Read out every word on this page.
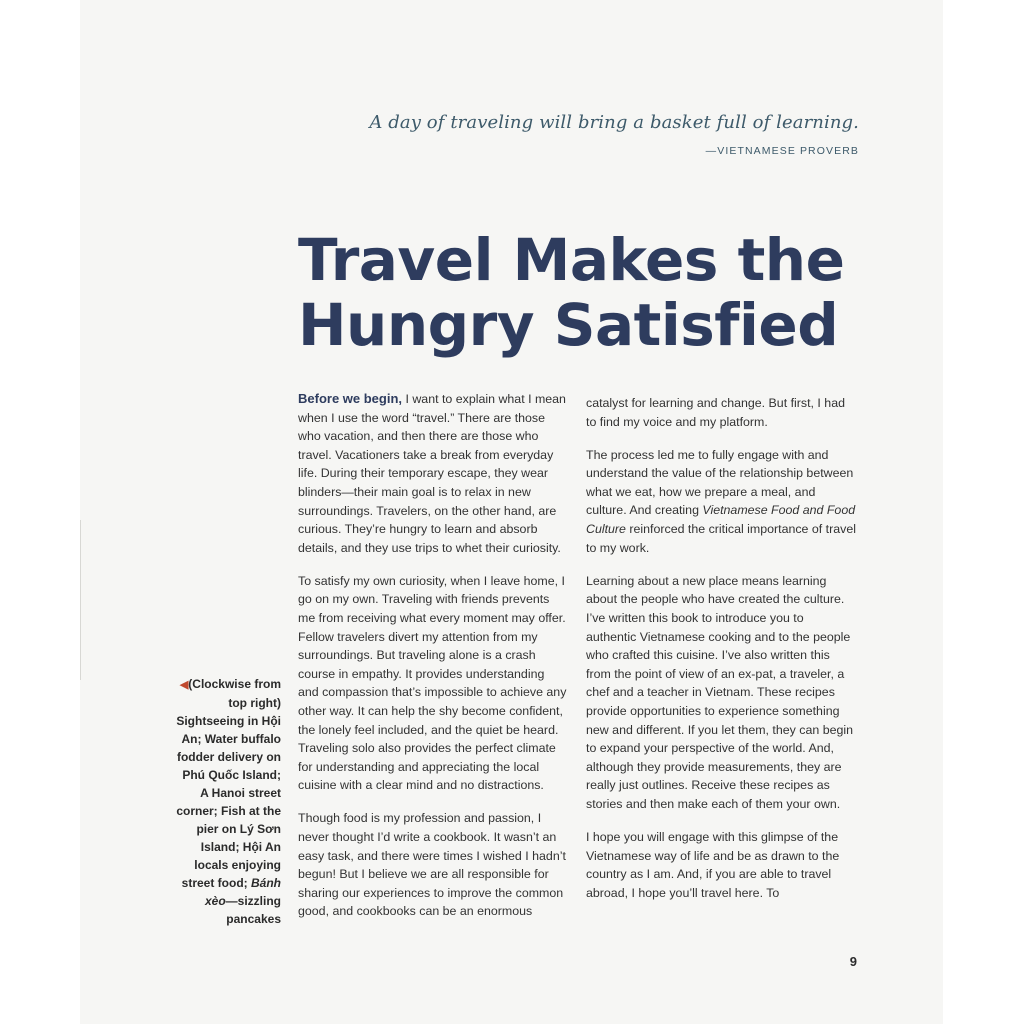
A day of traveling will bring a basket full of learning.
—VIETNAMESE PROVERB
Travel Makes the
Hungry Satisfied
◀(Clockwise from top right) Sightseeing in Hội An; Water buffalo fodder delivery on Phú Quốc Island; A Hanoi street corner; Fish at the pier on Lý Sơn Island; Hội An locals enjoying street food; Bánh xèo—sizzling pancakes

Before we begin, I want to explain what I mean when I use the word “travel.” There are those who vacation, and then there are those who travel. Vacationers take a break from everyday life. During their temporary escape, they wear blinders—their main goal is to relax in new surroundings. Travelers, on the other hand, are curious. They’re hungry to learn and absorb details, and they use trips to whet their curiosity.

To satisfy my own curiosity, when I leave home, I go on my own. Traveling with friends prevents me from receiving what every moment may offer. Fellow travelers divert my attention from my surroundings. But traveling alone is a crash course in empathy. It provides understanding and compassion that’s impossible to achieve any other way. It can help the shy become confident, the lonely feel included, and the quiet be heard. Traveling solo also provides the perfect climate for understanding and appreciating the local cuisine with a clear mind and no distractions.

Though food is my profession and passion, I never thought I’d write a cookbook. It wasn’t an easy task, and there were times I wished I hadn’t begun! But I believe we are all responsible for sharing our experiences to improve the common good, and cookbooks can be an enormous

catalyst for learning and change. But first, I had to find my voice and my platform.

The process led me to fully engage with and understand the value of the relationship between what we eat, how we prepare a meal, and culture. And creating Vietnamese Food and Food Culture reinforced the critical importance of travel to my work.

Learning about a new place means learning about the people who have created the culture. I’ve written this book to introduce you to authentic Vietnamese cooking and to the people who crafted this cuisine. I’ve also written this from the point of view of an ex-pat, a traveler, a chef and a teacher in Vietnam. These recipes provide opportunities to experience something new and different. If you let them, they can begin to expand your perspective of the world. And, although they provide measurements, they are really just outlines. Receive these recipes as stories and then make each of them your own.

I hope you will engage with this glimpse of the Vietnamese way of life and be as drawn to the country as I am. And, if you are able to travel abroad, I hope you’ll travel here. To

9
